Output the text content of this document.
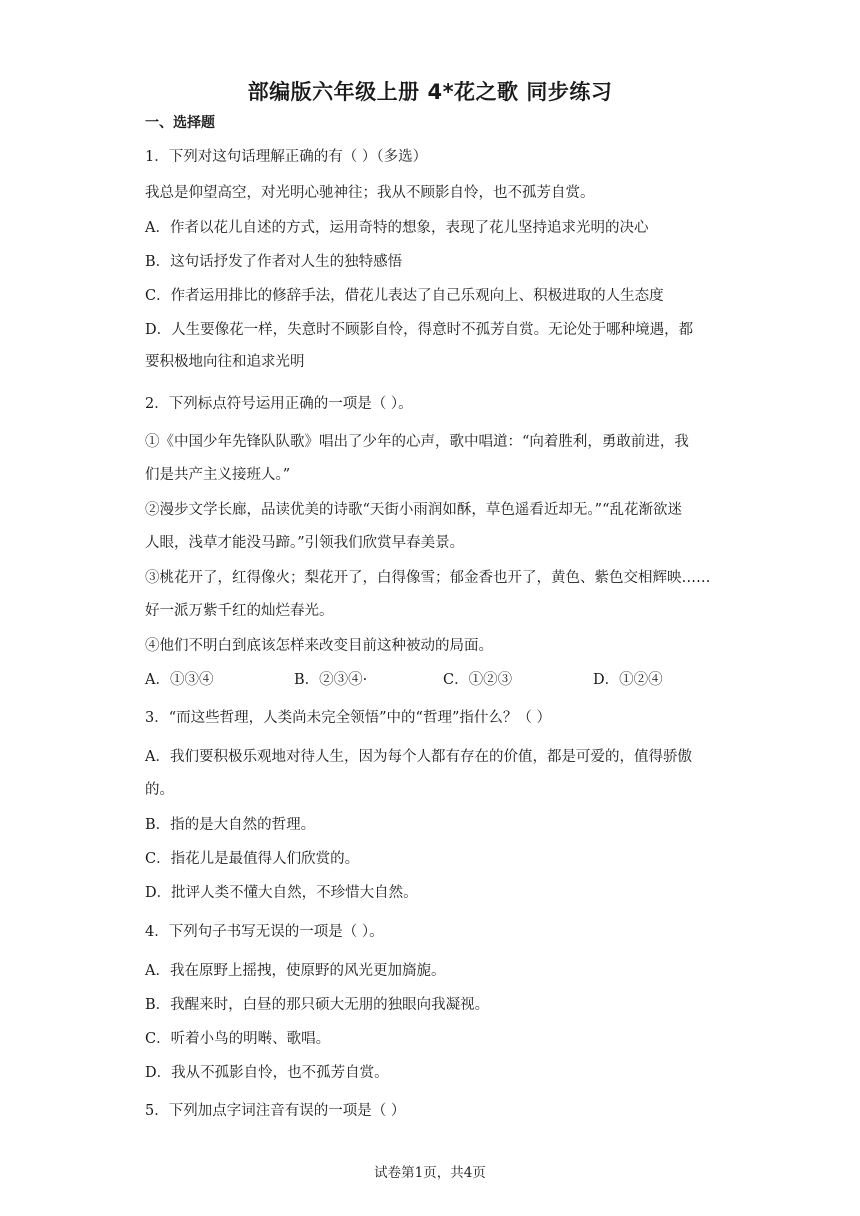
部编版六年级上册 4*花之歌 同步练习
一、选择题
1．下列对这句话理解正确的有（ ）（多选）
我总是仰望高空，对光明心驰神往；我从不顾影自怜，也不孤芳自赏。
A．作者以花儿自述的方式，运用奇特的想象，表现了花儿坚持追求光明的决心
B．这句话抒发了作者对人生的独特感悟
C．作者运用排比的修辞手法，借花儿表达了自己乐观向上、积极进取的人生态度
D．人生要像花一样，失意时不顾影自怜，得意时不孤芳自赏。无论处于哪种境遇，都
要积极地向往和追求光明
2．下列标点符号运用正确的一项是（ ）。
①《中国少年先锋队队歌》唱出了少年的心声，歌中唱道：“向着胜利，勇敢前进，我
们是共产主义接班人。”
②漫步文学长廊，品读优美的诗歌“天街小雨润如酥，草色遥看近却无。”“乱花渐欲迷
人眼，浅草才能没马蹄。”引领我们欣赏早春美景。
③桃花开了，红得像火；梨花开了，白得像雪；郁金香也开了，黄色、紫色交相辉映……
好一派万紫千红的灿烂春光。
④他们不明白到底该怎样来改变目前这种被动的局面。
A．①③④	B．②③④·	C．①②③	D．①②④
3．“而这些哲理，人类尚未完全领悟”中的“哲理”指什么？（ ）
A．我们要积极乐观地对待人生，因为每个人都有存在的价值，都是可爱的，值得骄傲
的。
B．指的是大自然的哲理。
C．指花儿是最值得人们欣赏的。
D．批评人类不懂大自然，不珍惜大自然。
4．下列句子书写无误的一项是（ ）。
A．我在原野上摇拽，使原野的风光更加旖旎。
B．我醒来时，白昼的那只硕大无朋的独眼向我凝视。
C．听着小鸟的明啭、歌唱。
D．我从不孤影自怜，也不孤芳自赏。
5．下列加点字词注音有误的一项是（ ）
试卷第1页，共4页
